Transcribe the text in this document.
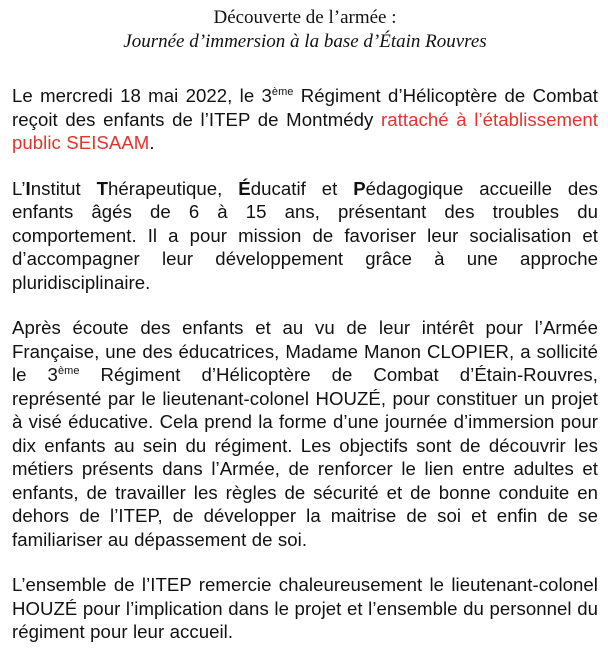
Découverte de l’armée :
Journée d’immersion à la base d’Étain Rouvres

Le mercredi 18 mai 2022, le 3ème Régiment d’Hélicoptère de Combat reçoit des enfants de l’ITEP de Montmédy rattaché à l’établissement public SEISAAM.

L’Institut Thérapeutique, Éducatif et Pédagogique accueille des enfants âgés de 6 à 15 ans, présentant des troubles du comportement. Il a pour mission de favoriser leur socialisation et d’accompagner leur développement grâce à une approche pluridisciplinaire.

Après écoute des enfants et au vu de leur intérêt pour l’Armée Française, une des éducatrices, Madame Manon CLOPIER, a sollicité le 3ème Régiment d’Hélicoptère de Combat d’Étain-Rouvres, représenté par le lieutenant-colonel HOUZÉ, pour constituer un projet à visé éducative. Cela prend la forme d’une journée d’immersion pour dix enfants au sein du régiment. Les objectifs sont de découvrir les métiers présents dans l’Armée, de renforcer le lien entre adultes et enfants, de travailler les règles de sécurité et de bonne conduite en dehors de l’ITEP, de développer la maitrise de soi et enfin de se familiariser au dépassement de soi.

L’ensemble de l’ITEP remercie chaleureusement le lieutenant-colonel HOUZÉ pour l’implication dans le projet et l’ensemble du personnel du régiment pour leur accueil.
